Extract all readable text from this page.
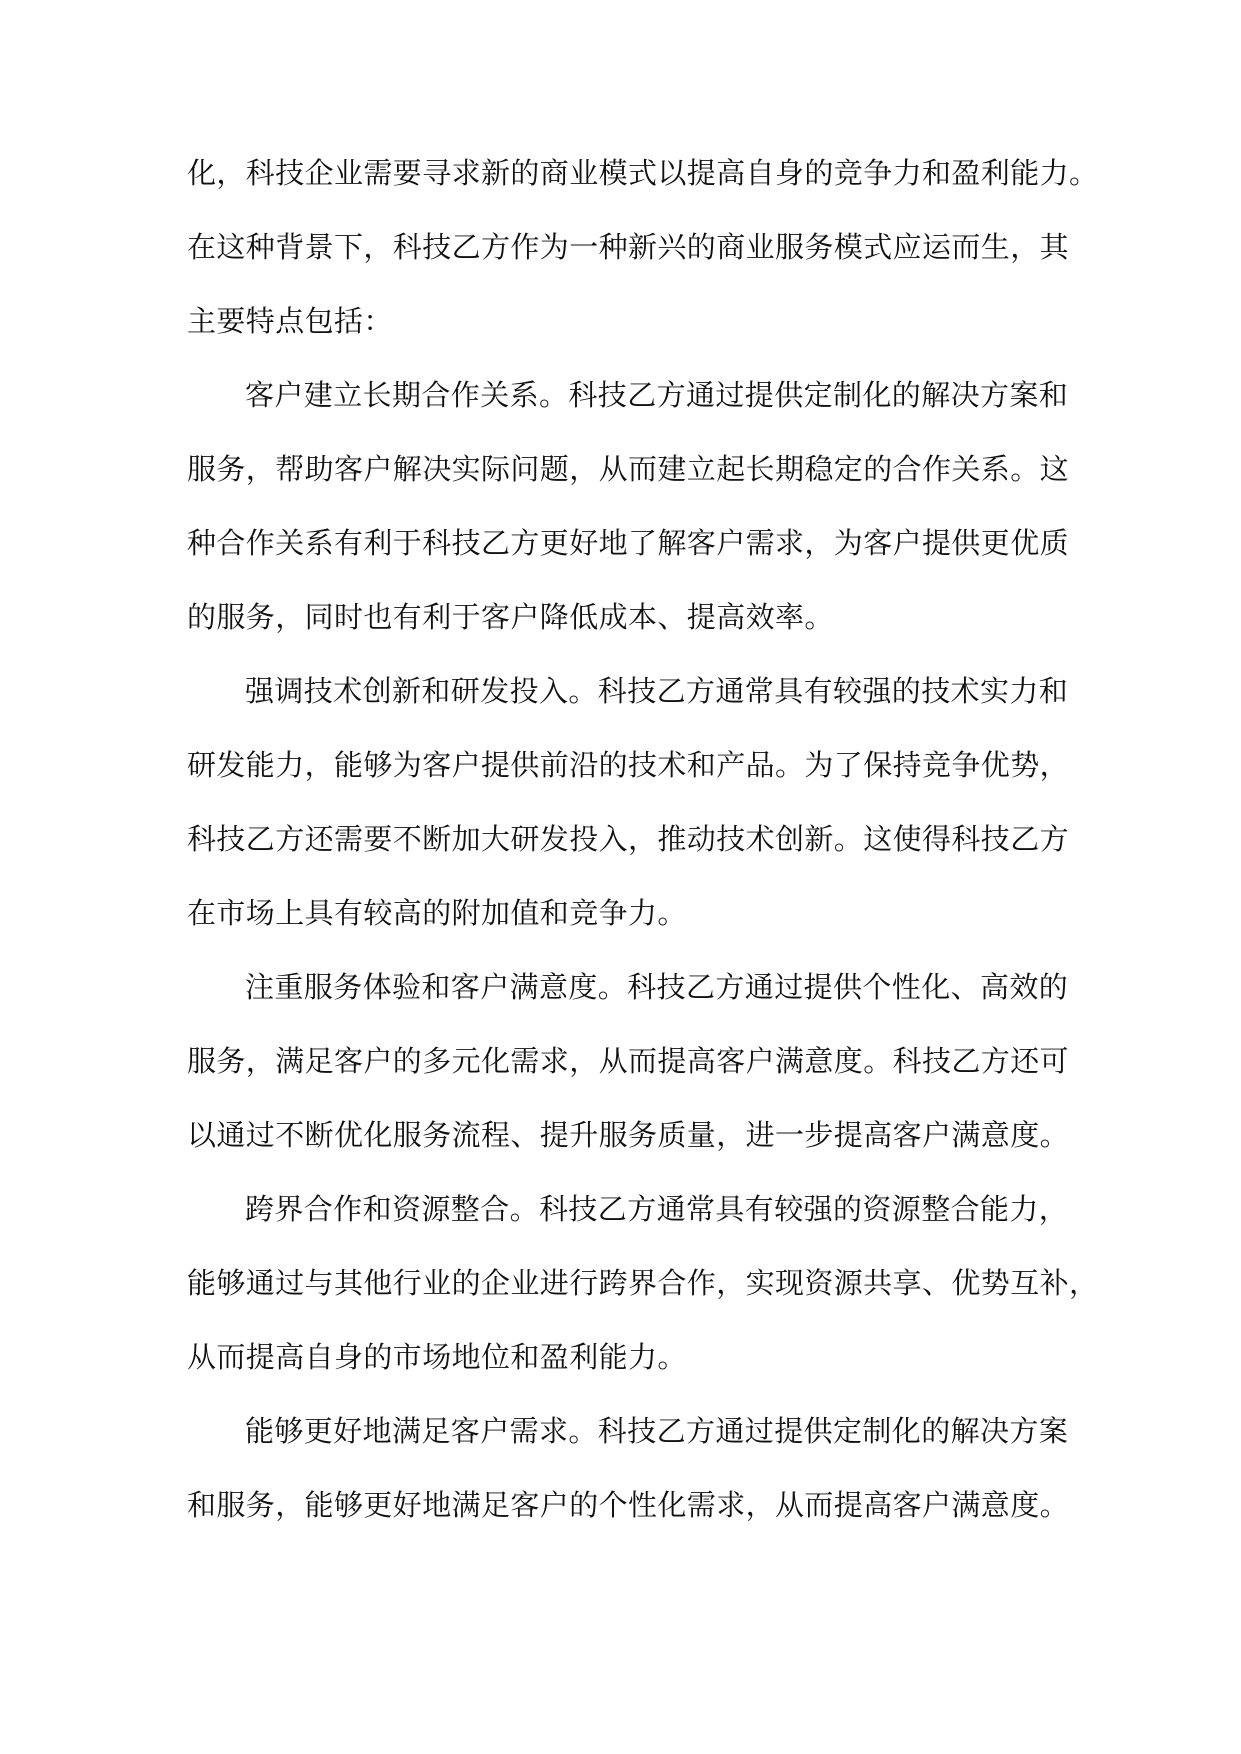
化，科技企业需要寻求新的商业模式以提高自身的竞争力和盈利能力。
在这种背景下，科技乙方作为一种新兴的商业服务模式应运而生，其
主要特点包括：
客户建立长期合作关系。科技乙方通过提供定制化的解决方案和
服务，帮助客户解决实际问题，从而建立起长期稳定的合作关系。这
种合作关系有利于科技乙方更好地了解客户需求，为客户提供更优质
的服务，同时也有利于客户降低成本、提高效率。
强调技术创新和研发投入。科技乙方通常具有较强的技术实力和
研发能力，能够为客户提供前沿的技术和产品。为了保持竞争优势，
科技乙方还需要不断加大研发投入，推动技术创新。这使得科技乙方
在市场上具有较高的附加值和竞争力。
注重服务体验和客户满意度。科技乙方通过提供个性化、高效的
服务，满足客户的多元化需求，从而提高客户满意度。科技乙方还可
以通过不断优化服务流程、提升服务质量，进一步提高客户满意度。
跨界合作和资源整合。科技乙方通常具有较强的资源整合能力，
能够通过与其他行业的企业进行跨界合作，实现资源共享、优势互补，
从而提高自身的市场地位和盈利能力。
能够更好地满足客户需求。科技乙方通过提供定制化的解决方案
和服务，能够更好地满足客户的个性化需求，从而提高客户满意度。
